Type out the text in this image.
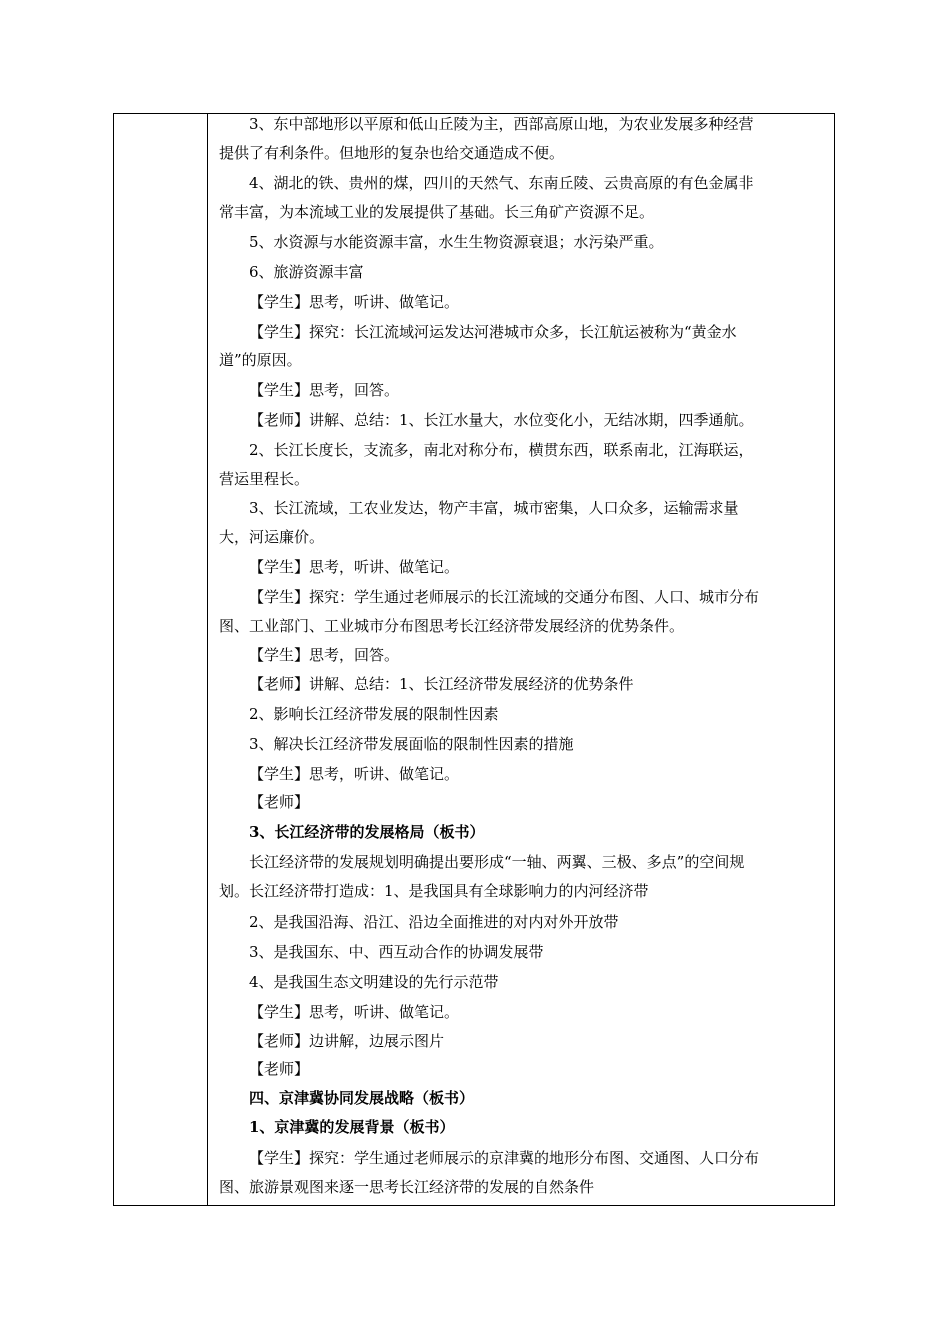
3、东中部地形以平原和低山丘陵为主，西部高原山地，为农业发展多种经营
提供了有利条件。但地形的复杂也给交通造成不便。
4、湖北的铁、贵州的煤，四川的天然气、东南丘陵、云贵高原的有色金属非
常丰富，为本流域工业的发展提供了基础。长三角矿产资源不足。
5、水资源与水能资源丰富，水生生物资源衰退；水污染严重。
6、旅游资源丰富
【学生】思考，听讲、做笔记。
【学生】探究：长江流域河运发达河港城市众多，长江航运被称为“黄金水
道”的原因。
【学生】思考，回答。
【老师】讲解、总结：1、长江水量大，水位变化小，无结冰期，四季通航。
2、长江长度长，支流多，南北对称分布，横贯东西，联系南北，江海联运，
营运里程长。
3、长江流域，工农业发达，物产丰富，城市密集，人口众多，运输需求量
大，河运廉价。
【学生】思考，听讲、做笔记。
【学生】探究：学生通过老师展示的长江流域的交通分布图、人口、城市分布
图、工业部门、工业城市分布图思考长江经济带发展经济的优势条件。
【学生】思考，回答。
【老师】讲解、总结：1、长江经济带发展经济的优势条件
2、影响长江经济带发展的限制性因素
3、解决长江经济带发展面临的限制性因素的措施
【学生】思考，听讲、做笔记。
【老师】
3、长江经济带的发展格局（板书）
长江经济带的发展规划明确提出要形成“一轴、两翼、三极、多点”的空间规
划。长江经济带打造成：1、是我国具有全球影响力的内河经济带
2、是我国沿海、沿江、沿边全面推进的对内对外开放带
3、是我国东、中、西互动合作的协调发展带
4、是我国生态文明建设的先行示范带
【学生】思考，听讲、做笔记。
【老师】边讲解，边展示图片
【老师】
四、京津冀协同发展战略（板书）
1、京津冀的发展背景（板书）
【学生】探究：学生通过老师展示的京津冀的地形分布图、交通图、人口分布
图、旅游景观图来逐一思考长江经济带的发展的自然条件
